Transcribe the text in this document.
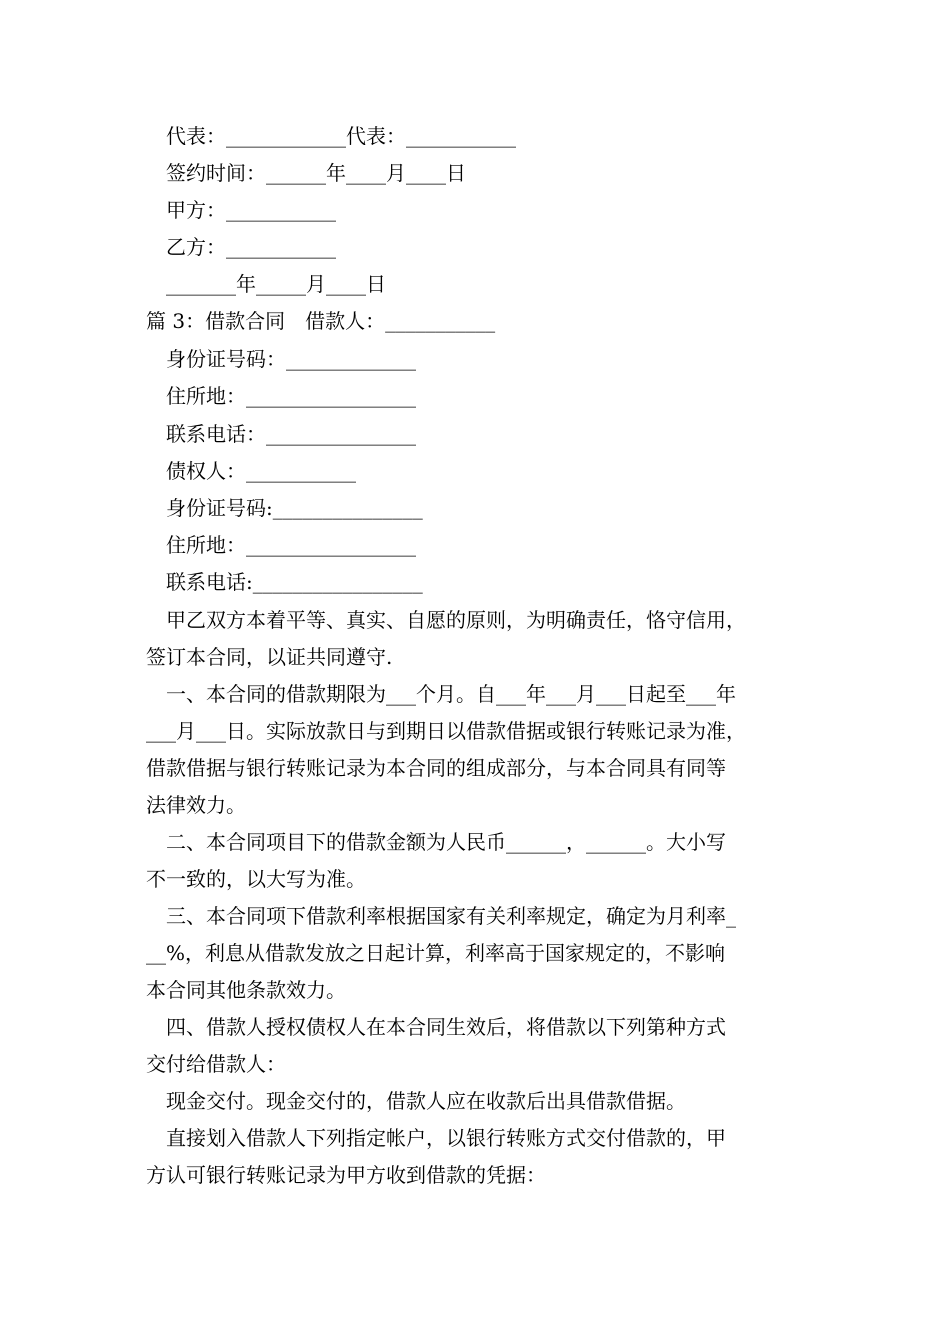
代表：____________代表：___________
签约时间：______年____月____日
甲方：___________
乙方：___________
_______年_____月____日
篇 3：借款合同　借款人：___________
身份证号码：_____________
住所地：_________________
联系电话：_______________
债权人：___________
身份证号码:_______________
住所地：_________________
联系电话:_________________
　甲乙双方本着平等、真实、自愿的原则，为明确责任，恪守信用，
签订本合同，以证共同遵守.
　一、本合同的借款期限为___个月。自___年___月___日起至___年
___月___日。实际放款日与到期日以借款借据或银行转账记录为准，
借款借据与银行转账记录为本合同的组成部分，与本合同具有同等
法律效力。
　二、本合同项目下的借款金额为人民币______，______。大小写
不一致的，以大写为准。
　三、本合同项下借款利率根据国家有关利率规定，确定为月利率_
__%，利息从借款发放之日起计算，利率高于国家规定的，不影响
本合同其他条款效力。
　四、借款人授权债权人在本合同生效后，将借款以下列第种方式
交付给借款人：
　现金交付。现金交付的，借款人应在收款后出具借款借据。
　直接划入借款人下列指定帐户，以银行转账方式交付借款的，甲
方认可银行转账记录为甲方收到借款的凭据：
